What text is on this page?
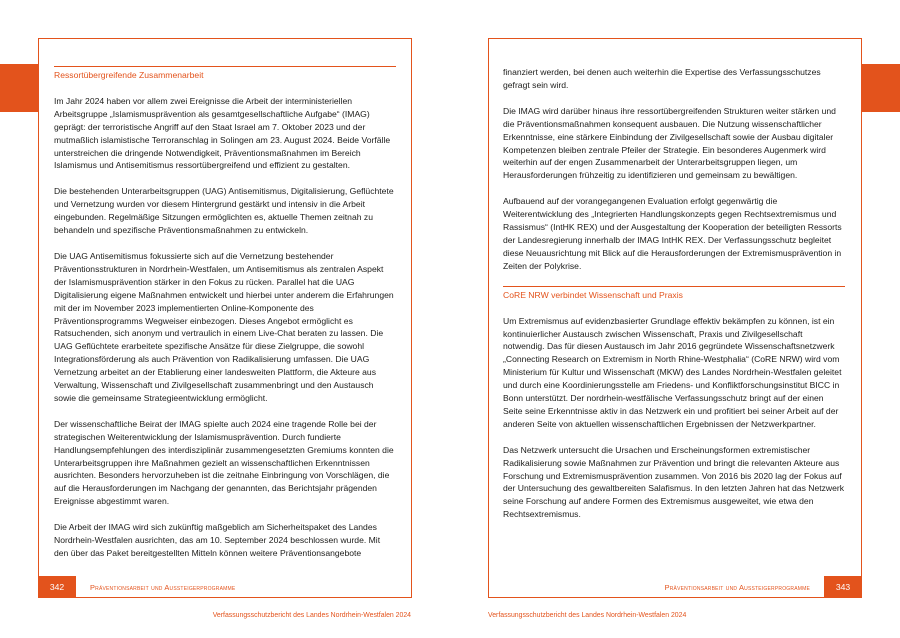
Ressortübergreifende Zusammenarbeit

Im Jahr 2024 haben vor allem zwei Ereignisse die Arbeit der interministeriellen Arbeitsgruppe „Islamismusprävention als gesamtgesellschaftliche Aufgabe“ (IMAG) geprägt: der terroristische Angriff auf den Staat Israel am 7. Oktober 2023 und der mutmaßlich islamistische Terroranschlag in Solingen am 23. August 2024. Beide Vorfälle unterstreichen die dringende Notwendigkeit, Präventionsmaßnahmen im Bereich Islamismus und Antisemitismus ressortübergreifend und effizient zu gestalten.

Die bestehenden Unterarbeitsgruppen (UAG) Antisemitismus, Digitalisierung, Geflüchtete und Vernetzung wurden vor diesem Hintergrund gestärkt und intensiv in die Arbeit eingebunden. Regelmäßige Sitzungen ermöglichten es, aktuelle Themen zeitnah zu behandeln und spezifische Präventionsmaßnahmen zu entwickeln.

Die UAG Antisemitismus fokussierte sich auf die Vernetzung bestehender Präventionsstrukturen in Nordrhein-Westfalen, um Antisemitismus als zentralen Aspekt der Islamismusprävention stärker in den Fokus zu rücken. Parallel hat die UAG Digitalisierung eigene Maßnahmen entwickelt und hierbei unter anderem die Erfahrungen mit der im November 2023 implementierten Online-Komponente des Präventionsprogramms Wegweiser einbezogen. Dieses Angebot ermöglicht es Ratsuchenden, sich anonym und vertraulich in einem Live-Chat beraten zu lassen. Die UAG Geflüchtete erarbeitete spezifische Ansätze für diese Zielgruppe, die sowohl Integrationsförderung als auch Prävention von Radikalisierung umfassen. Die UAG Vernetzung arbeitet an der Etablierung einer landesweiten Plattform, die Akteure aus Verwaltung, Wissenschaft und Zivilgesellschaft zusammenbringt und den Austausch sowie die gemeinsame Strategieentwicklung ermöglicht.

Der wissenschaftliche Beirat der IMAG spielte auch 2024 eine tragende Rolle bei der strategischen Weiterentwicklung der Islamismusprävention. Durch fundierte Handlungsempfehlungen des interdisziplinär zusammengesetzten Gremiums konnten die Unterarbeitsgruppen ihre Maßnahmen gezielt an wissenschaftlichen Erkenntnissen ausrichten. Besonders hervorzuheben ist die zeitnahe Einbringung von Vorschlägen, die auf die Herausforderungen im Nachgang der genannten, das Berichtsjahr prägenden Ereignisse abgestimmt waren.

Die Arbeit der IMAG wird sich zukünftig maßgeblich am Sicherheitspaket des Landes Nordrhein-Westfalen ausrichten, das am 10. September 2024 beschlossen wurde. Mit den über das Paket bereitgestellten Mitteln können weitere Präventionsangebote

finanziert werden, bei denen auch weiterhin die Expertise des Verfassungsschutzes gefragt sein wird.

Die IMAG wird darüber hinaus ihre ressortübergreifenden Strukturen weiter stärken und die Präventionsmaßnahmen konsequent ausbauen. Die Nutzung wissenschaftlicher Erkenntnisse, eine stärkere Einbindung der Zivilgesellschaft sowie der Ausbau digitaler Kompetenzen bleiben zentrale Pfeiler der Strategie. Ein besonderes Augenmerk wird weiterhin auf der engen Zusammenarbeit der Unterarbeitsgruppen liegen, um Herausforderungen frühzeitig zu identifizieren und gemeinsam zu bewältigen.

Aufbauend auf der vorangegangenen Evaluation erfolgt gegenwärtig die Weiterentwicklung des „Integrierten Handlungskonzepts gegen Rechtsextremismus und Rassismus“ (IntHK REX) und der Ausgestaltung der Kooperation der beteiligten Ressorts der Landesregierung innerhalb der IMAG IntHK REX. Der Verfassungsschutz begleitet diese Neuausrichtung mit Blick auf die Herausforderungen der Extremismusprävention in Zeiten der Polykrise.

CoRE NRW verbindet Wissenschaft und Praxis

Um Extremismus auf evidenzbasierter Grundlage effektiv bekämpfen zu können, ist ein kontinuierlicher Austausch zwischen Wissenschaft, Praxis und Zivilgesellschaft notwendig. Das für diesen Austausch im Jahr 2016 gegründete Wissenschaftsnetzwerk „Connecting Research on Extremism in North Rhine-Westphalia“ (CoRE NRW) wird vom Ministerium für Kultur und Wissenschaft (MKW) des Landes Nordrhein-Westfalen geleitet und durch eine Koordinierungsstelle am Friedens- und Konfliktforschungsinstitut BICC in Bonn unterstützt. Der nordrhein-westfälische Verfassungsschutz bringt auf der einen Seite seine Erkenntnisse aktiv in das Netzwerk ein und profitiert bei seiner Arbeit auf der anderen Seite von aktuellen wissenschaftlichen Ergebnissen der Netzwerkpartner.

Das Netzwerk untersucht die Ursachen und Erscheinungsformen extremistischer Radikalisierung sowie Maßnahmen zur Prävention und bringt die relevanten Akteure aus Forschung und Extremismusprävention zusammen. Von 2016 bis 2020 lag der Fokus auf der Untersuchung des gewaltbereiten Salafismus. In den letzten Jahren hat das Netzwerk seine Forschung auf andere Formen des Extremismus ausgeweitet, wie etwa den Rechtsextremismus.

342	Präventionsarbeit und Aussteigerprogramme	343
Präventionsarbeit und Aussteigerprogramme
Verfassungsschutzbericht des Landes Nordrhein-Westfalen 2024	Verfassungsschutzbericht des Landes Nordrhein-Westfalen 2024
